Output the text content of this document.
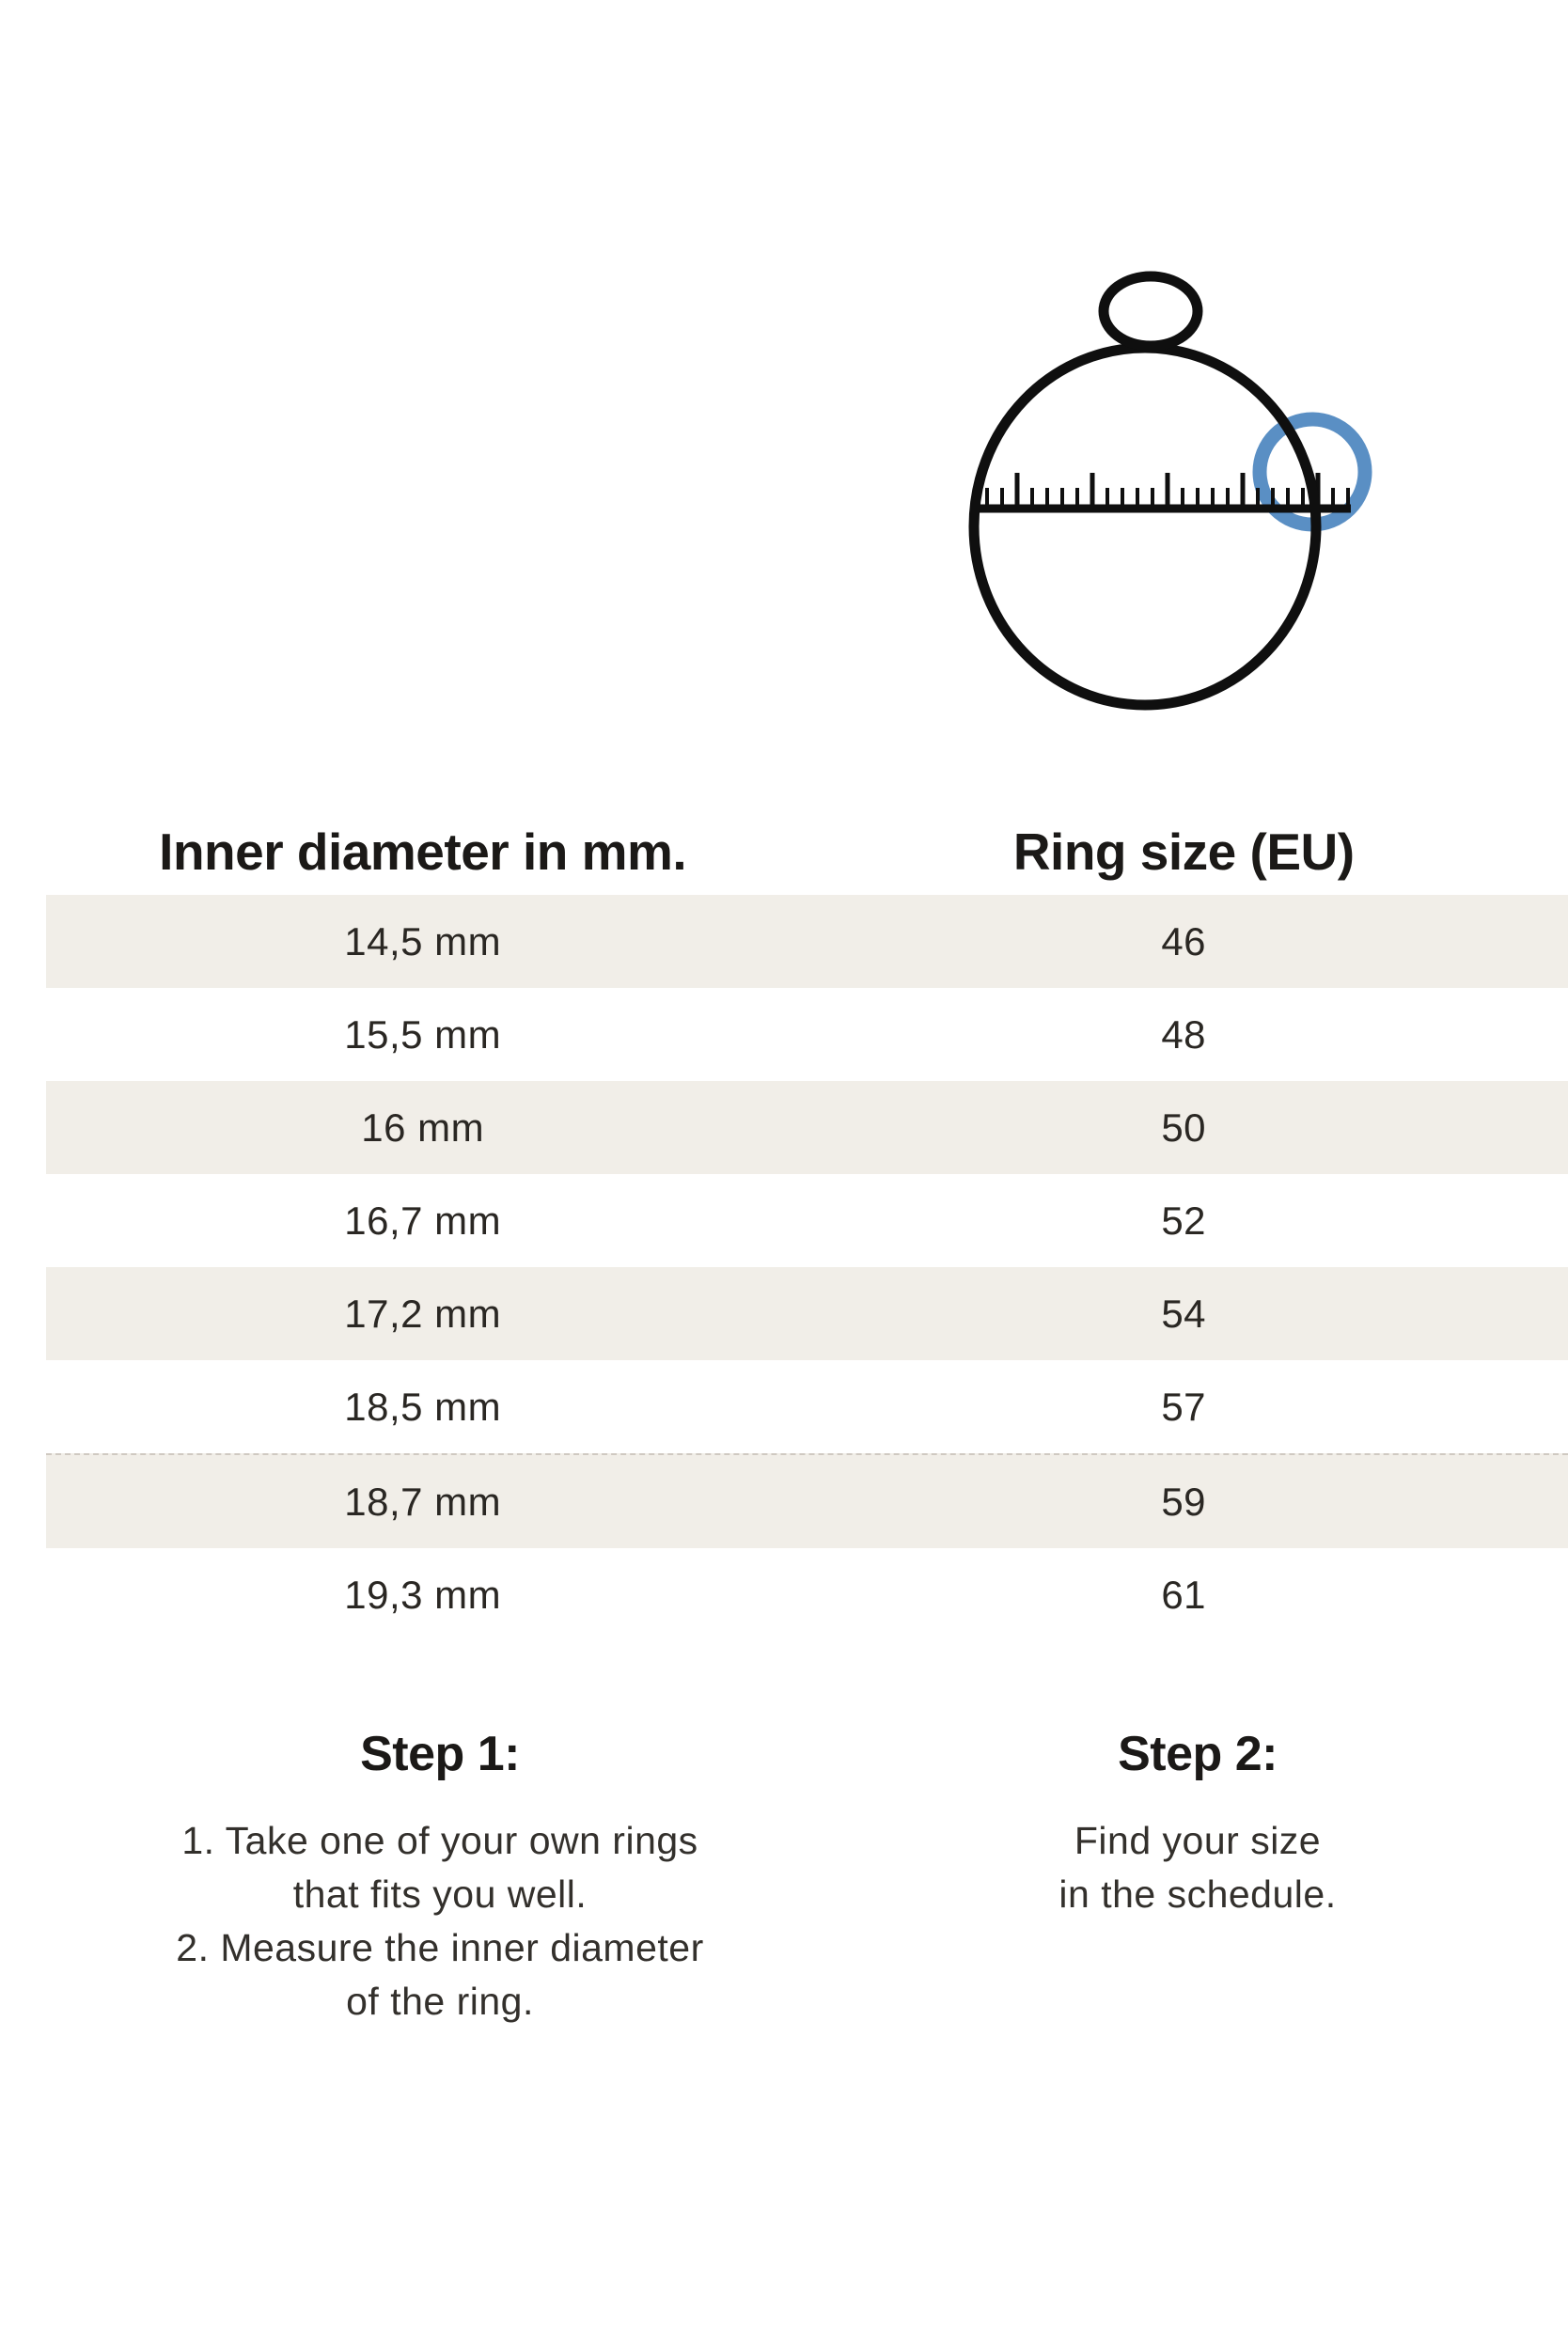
Inner diameter in mm.	Ring size (EU)
14,5 mm	46
15,5 mm	48
16 mm	50
16,7 mm	52
17,2 mm	54
18,5 mm	57
18,7 mm	59
19,3 mm	61
Step 1:
1. Take one of your own rings
that fits you well.
2. Measure the inner diameter
of the ring.
Step 2:
Find your size
in the schedule.
